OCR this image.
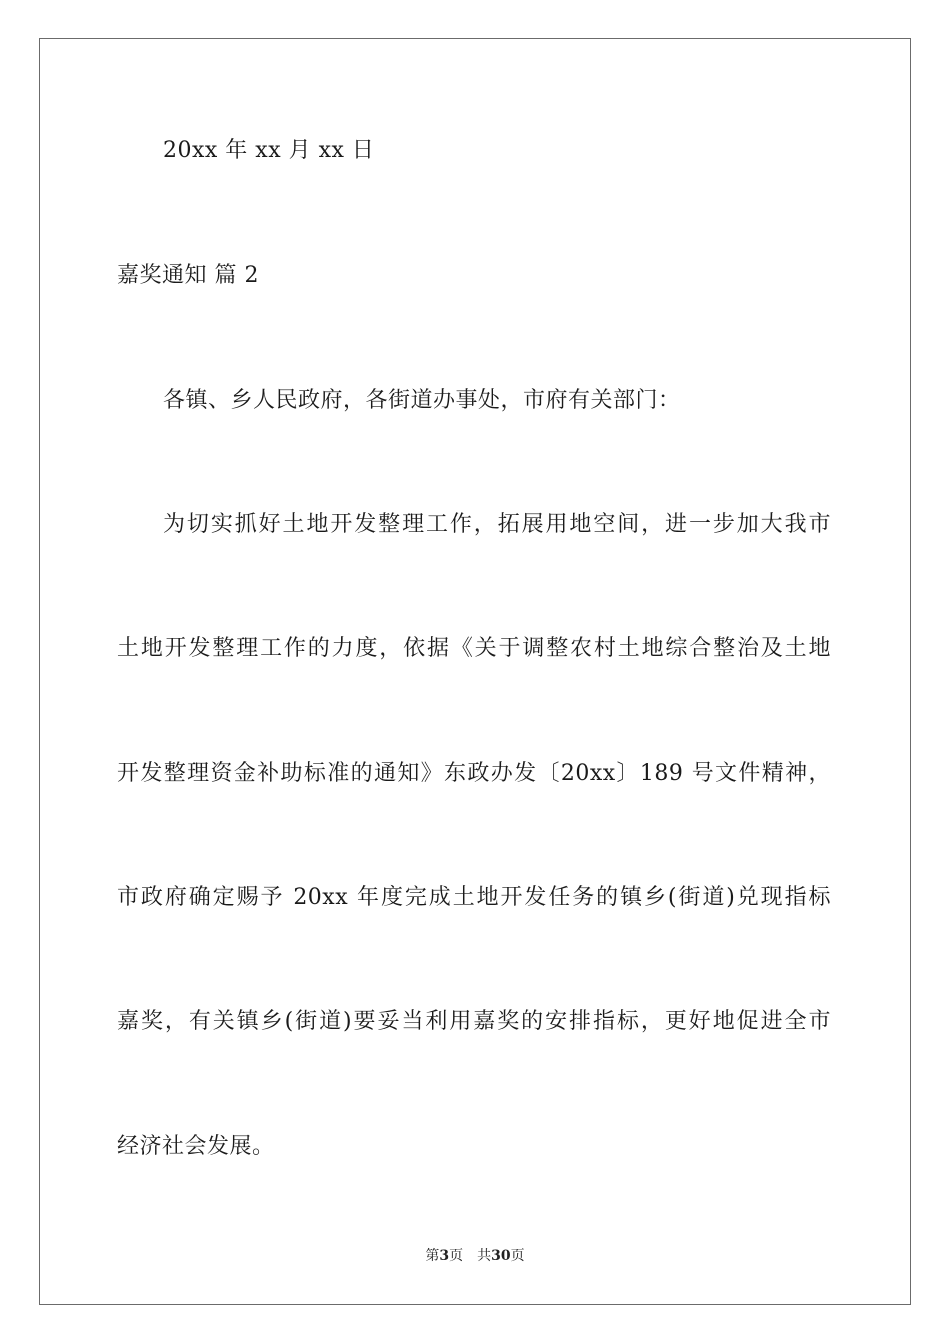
20xx 年 xx 月 xx 日
嘉奖通知 篇 2
各镇、乡人民政府，各街道办事处，市府有关部门：
为切实抓好土地开发整理工作，拓展用地空间，进一步加大我市
土地开发整理工作的力度，依据《关于调整农村土地综合整治及土地
开发整理资金补助标准的通知》东政办发〔20xx〕189 号文件精神，
市政府确定赐予 20xx 年度完成土地开发任务的镇乡(街道)兑现指标
嘉奖，有关镇乡(街道)要妥当利用嘉奖的安排指标，更好地促进全市
经济社会发展。
第3页 共30页
